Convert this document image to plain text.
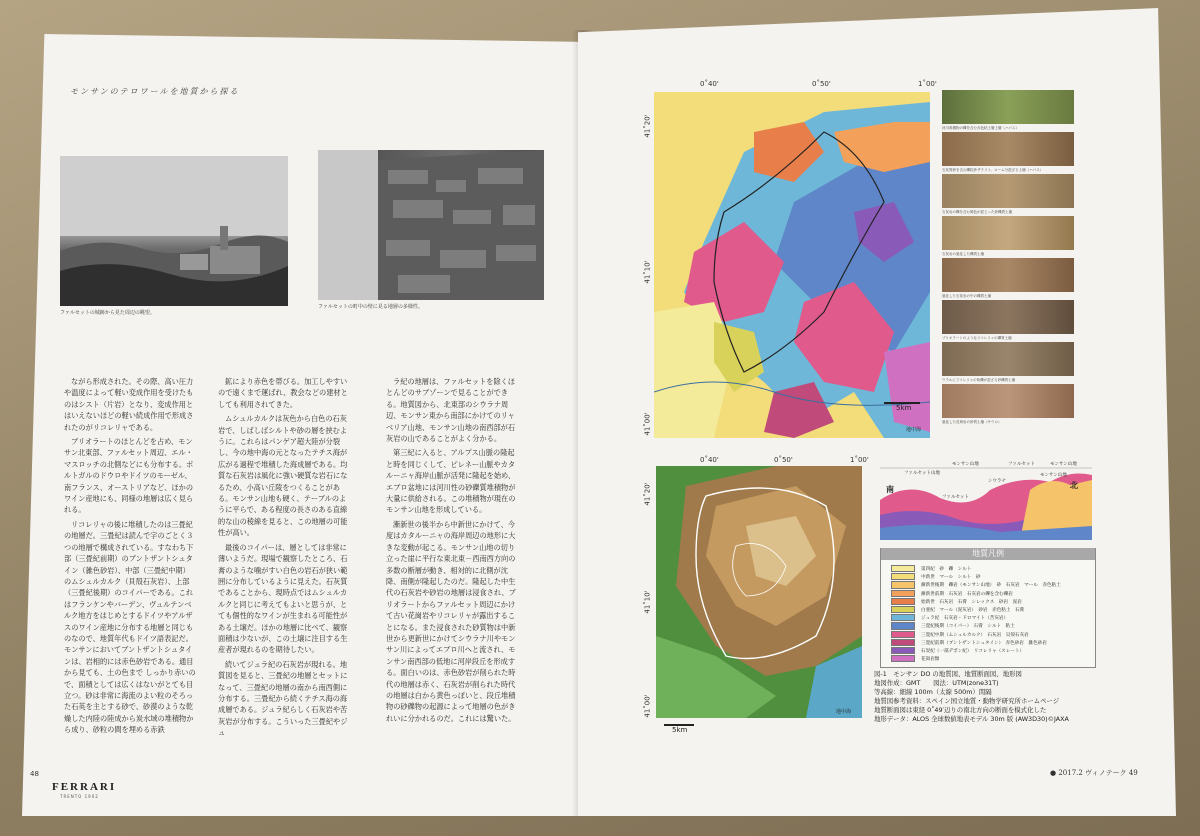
モンサンのテロワールを地質から探る
ファルセットの城跡から見た周辺の眺望。
ファルセットの町中の壁に見る地層の多様性。

ながら形成された。その際、高い圧力や温度によって軽い変成作用を受けたものはシスト（片岩）となり、変成作用とはいえないほどの軽い続成作用で形成されたのがリコレリャである。

ブリオラートのほとんどを占め、モンサン北東部、ファルセット周辺、エル・マスロッチの北側などにも分布する。ポルトガルのドウロやドイツのモーゼル、南フランス、オーストリアなど、ほかのワイン産地にも、同様の地層は広く見られる。

リコレリャの後に堆積したのは三畳紀の地層だ。三畳紀は読んで字のごとく３つの地層で構成されている。すなわち下部（三畳紀前期）のブントザントシュタイン（雑色砂岩）、中部（三畳紀中期）のムシュルカルク（貝殻石灰岩）、上部（三畳紀後期）のコイパーである。これはフランケンやバーデン、ヴュルテンベルク地方をはじめとするドイツやアルザスのワイン産地に分布する地層と同じものなので、地質年代もドイツ語表記だ。モンサンにおいてブントザントシュタインは、岩相的には赤色砂岩である。通目から見ても、土の色まで しっかり赤いので、面積としては広くはないがとても目立つ。砂は非常に海流のよい粒のそろった石英を主とする砂で、砂漠のような乾燥した内陸の陸成から炭水域の堆積物から成り、砂粒の間を埋める赤鉄

鉱により赤色を帯びる。加工しやすいので遠くまで運ばれ、教会などの建材としても利用されてきた。

ムシュルカルクは灰色から白色の石灰岩で、しばしばシルトや砂の層を挟むように。これらはパンゲア超大陸が分裂し、今の地中海の元となったテチス海が広がる過程で堆積した海成層である。均質な石灰岩は風化に強い硬質な岩石になるため、小高い丘陵をつくることがある。モンサン山地も硬く、テーブルのように平らで、ある程度の長さのある直線的な山の稜線を見ると、この地層の可能性が高い。

最後のコイパーは、層としては非常に薄いようだ。現場で観察したところ、石膏のような噛がすい白色の岩石が狭い範囲に分布しているように見えた。石灰質であることから、現時点ではムシュルカルクと同じに考えてもよいと思うが、とても個性的なワインが生まれる可能性がある土壌だ。ほかの地層に比べて、観察面積は少ないが、この土壌に注目する生産者が現れるのを期待したい。

続いてジュラ紀の石灰岩が現れる。地質図を見ると、三畳紀の地層とセットになって、三畳紀の地層の南から南西側に分布する。三畳紀から続くテチス海の海成層である。ジュラ紀らしく石灰岩や苦灰岩が分布する。こういった三畳紀やジュ

ラ紀の地層は、ファルセットを除くほとんどのサブゾーンで見ることができる。地質図から、北東部のシウラナ周辺、モンサン東から南部にかけてのリャベリア山地、モンサン山地の南西部が石灰岩の山であることがよく分かる。

第三紀に入ると、アルプス山脈の隆起と時を同じくして、ピレネー山脈やカタルーニャ海岸山脈が活発に隆起を始め、エブロ盆地には河川性の砂礫質堆積物が大量に供給される。この堆積物が現在のモンサン山地を形成している。

漸新世の後半から中新世にかけて、今度はカタルーニャの海岸周辺の地形に大きな変動が起こる。モンサン山地の切り立った崖に平行な東北東－西南西方向の多数の断層が動き、相対的に北側が沈降、南側が隆起したのだ。隆起した中生代の石灰岩や砂岩の地層は浸食され、ブリオラートからファルセット周辺にかけて古い花崗岩やリコレリャが露出することになる。また浸食された砂質物は中新世から更新世にかけてシウラナ川やモンサン川によってエブロ川へと流され、モンサン南西部の低地に河岸段丘を形成する。面白いのは、赤色砂岩が削られた時代の地層は赤く、石灰岩が削られた時代の地層は白から黄色っぽいと、段丘堆積物の砂礫物の起源によって地層の色がきれいに分かれるのだ。これには驚いた。

48
FERRARI
TRENTO 1902
0˚40'	0˚50'	1˚00'
41˚20'
41˚10'
41˚00'
5km
地中海
河川堆積物の礫を含む赤色粘土層上層（ハバス）
石灰質砂を含む礫粒砂ザラリト、ローム分混ざる土壌（ハバス）
石灰岩の礫を含む褐色が混じった砂礫質土壌
石灰岩の風化した礫質土壌
風化した石灰岩の中の礫質土壌
ブリオラートのようなリコレリャの礫質土壌
ウラルにフコレリャの角礫が混ざる砂礫質土壌
風化した花崗岩の砂質土壌（サウロ）
0˚40'	0˚50'	1˚00'
41˚20'
41˚10'
41˚00'
5km
地中海
モンサン山地	ファルセット	モンサン山地
ファルセット山地
南	北
ファルセット
シウラナ
モンサン山地
地質凡例
第四紀　砂　礫　シルト
中新世　マール　シルト　砂
漸新世後期　礫岩（モンサン山地）　砂　石灰岩　マール　赤色粘土
漸新世前期　石灰岩　石灰岩の礫を含む礫岩
始新世　石灰岩　石膏　シレックス　砂岩　泥岩
白亜紀　マール（泥灰岩）　砂岩　赤色粘土　石膏
ジュラ紀　石灰岩・ドロマイト（苦灰岩）
三畳紀後期（コイパー）　石膏　シルト　粘土
三畳紀中期（ムシュルカルク）　石灰岩　貝殻石灰岩
三畳紀前期（ブントザントシュタイン）　赤色砂岩　雑色砂岩
石炭紀（一部デボン紀）　リコレリャ（スレート）
花崗岩類
図-1　モンサン DO の地質図、地質断面図、地形図
地図作成：GMT　　図法：UTM(zone31T)
等高線：細線 100m（太線 500m）間隔
地質図参考資料：スペイン国立地質・動物学研究所ホームページ
地質断面図は東経 0˚49′辺りの南北方向の断面を模式化した
地形データ：ALOS 全球数値地表モデル 30m 版 (AW3D30)©JAXA
● 2017.2 ヴィノテーク 49
